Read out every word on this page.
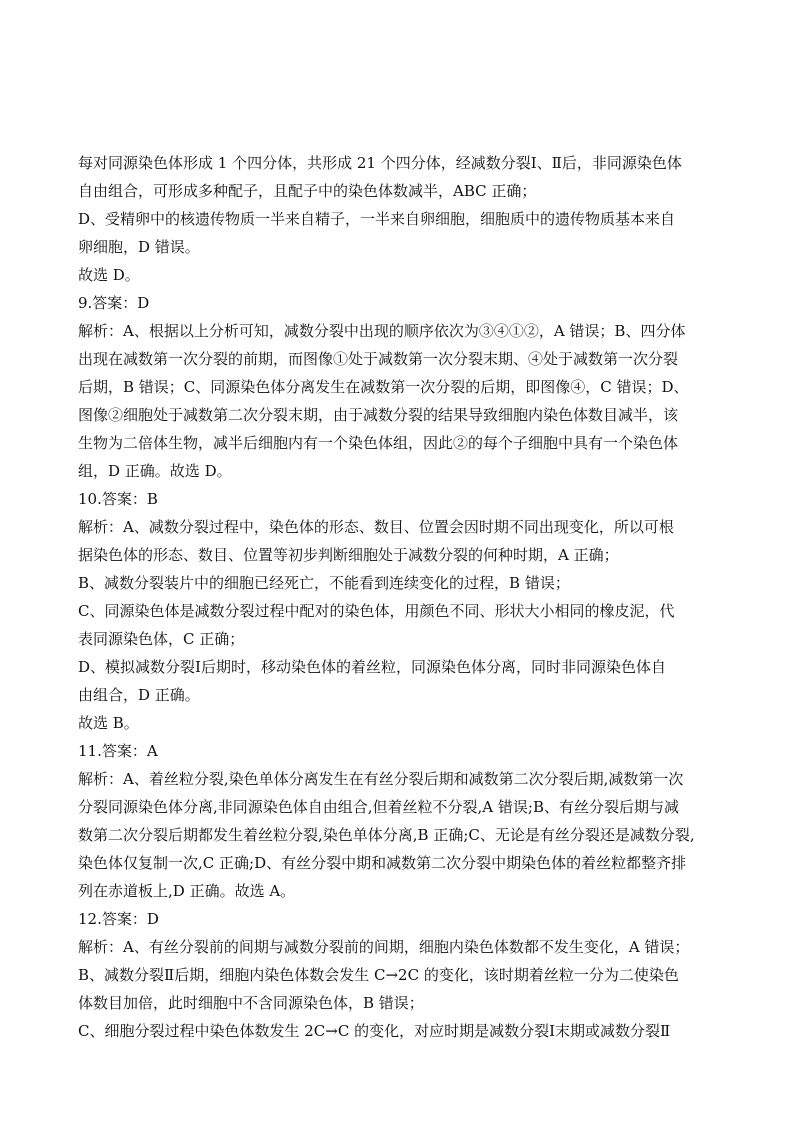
每对同源染色体形成 1 个四分体，共形成 21 个四分体，经减数分裂Ⅰ、Ⅱ后，非同源染色体
自由组合，可形成多种配子，且配子中的染色体数减半，ABC 正确；
D、受精卵中的核遗传物质一半来自精子，一半来自卵细胞，细胞质中的遗传物质基本来自
卵细胞，D 错误。
故选 D。
9.答案：D
解析：A、根据以上分析可知，减数分裂中出现的顺序依次为③④①②，A 错误；B、四分体
出现在减数第一次分裂的前期，而图像①处于减数第一次分裂末期、④处于减数第一次分裂
后期，B 错误；C、同源染色体分离发生在减数第一次分裂的后期，即图像④，C 错误；D、
图像②细胞处于减数第二次分裂末期，由于减数分裂的结果导致细胞内染色体数目减半，该
生物为二倍体生物，减半后细胞内有一个染色体组，因此②的每个子细胞中具有一个染色体
组，D 正确。故选 D。
10.答案：B
解析：A、减数分裂过程中，染色体的形态、数目、位置会因时期不同出现变化，所以可根
据染色体的形态、数目、位置等初步判断细胞处于减数分裂的何种时期，A 正确；
B、减数分裂装片中的细胞已经死亡，不能看到连续变化的过程，B 错误；
C、同源染色体是减数分裂过程中配对的染色体，用颜色不同、形状大小相同的橡皮泥，代
表同源染色体，C 正确；
D、模拟减数分裂Ⅰ后期时，移动染色体的着丝粒，同源染色体分离，同时非同源染色体自
由组合，D 正确。
故选 B。
11.答案：A
解析：A、着丝粒分裂,染色单体分离发生在有丝分裂后期和减数第二次分裂后期,减数第一次
分裂同源染色体分离,非同源染色体自由组合,但着丝粒不分裂,A 错误;B、有丝分裂后期与减
数第二次分裂后期都发生着丝粒分裂,染色单体分离,B 正确;C、无论是有丝分裂还是减数分裂,
染色体仅复制一次,C 正确;D、有丝分裂中期和减数第二次分裂中期染色体的着丝粒都整齐排
列在赤道板上,D 正确。故选 A。
12.答案：D
解析：A、有丝分裂前的间期与减数分裂前的间期，细胞内染色体数都不发生变化，A 错误；
B、减数分裂Ⅱ后期，细胞内染色体数会发生 C→2C 的变化，该时期着丝粒一分为二使染色
体数目加倍，此时细胞中不含同源染色体，B 错误；
C、细胞分裂过程中染色体数发生 2C→C 的变化，对应时期是减数分裂Ⅰ末期或减数分裂Ⅱ
